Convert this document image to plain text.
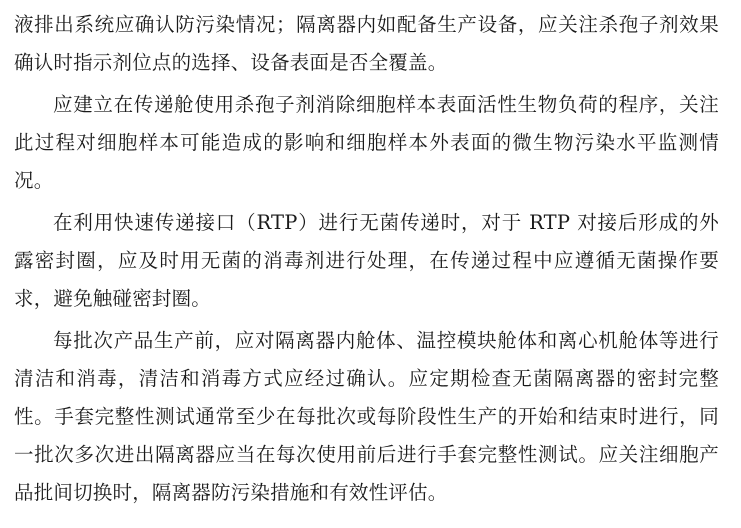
液排出系统应确认防污染情况；隔离器内如配备生产设备，应关注杀孢子剂效果确认时指示剂位点的选择、设备表面是否全覆盖。

应建立在传递舱使用杀孢子剂消除细胞样本表面活性生物负荷的程序，关注此过程对细胞样本可能造成的影响和细胞样本外表面的微生物污染水平监测情况。

在利用快速传递接口（RTP）进行无菌传递时，对于 RTP 对接后形成的外露密封圈，应及时用无菌的消毒剂进行处理，在传递过程中应遵循无菌操作要求，避免触碰密封圈。

每批次产品生产前，应对隔离器内舱体、温控模块舱体和离心机舱体等进行清洁和消毒，清洁和消毒方式应经过确认。应定期检查无菌隔离器的密封完整性。手套完整性测试通常至少在每批次或每阶段性生产的开始和结束时进行，同一批次多次进出隔离器应当在每次使用前后进行手套完整性测试。应关注细胞产品批间切换时，隔离器防污染措施和有效性评估。
